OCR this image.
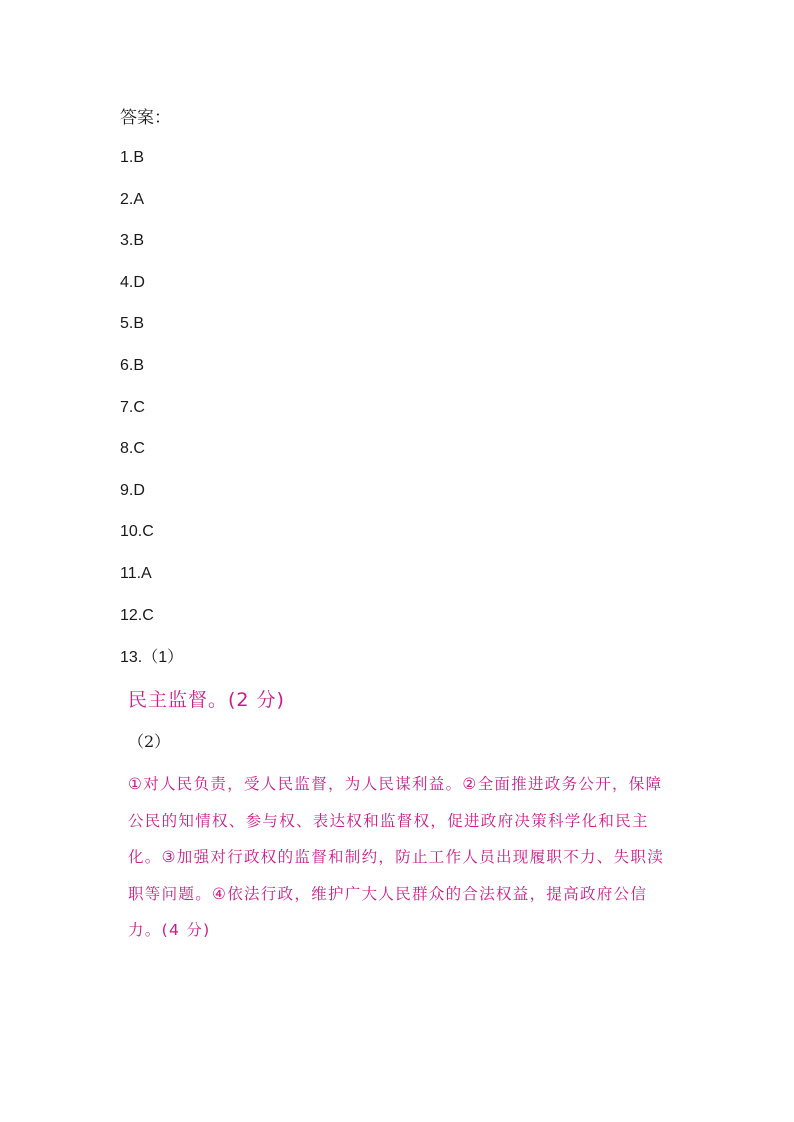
答案：
1.B
2.A
3.B
4.D
5.B
6.B
7.C
8.C
9.D
10.C
11.A
12.C
13.（1）
民主监督。(2 分)
（2）
①对人民负责，受人民监督，为人民谋利益。②全面推进政务公开，保障公民的知情权、参与权、表达权和监督权，促进政府决策科学化和民主化。③加强对行政权的监督和制约，防止工作人员出现履职不力、失职渎职等问题。④依法行政，维护广大人民群众的合法权益，提高政府公信力。(4 分)
